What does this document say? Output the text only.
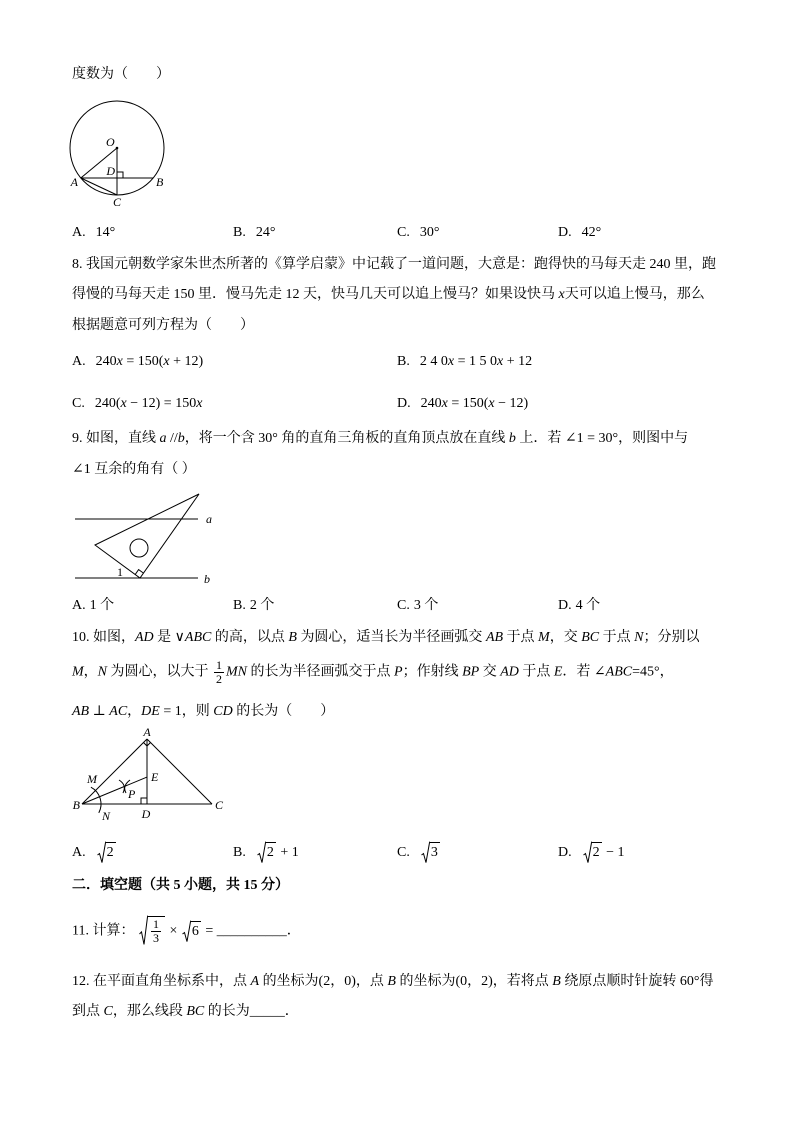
度数为（　　）
O
A	B
C
D
A. 14°	B. 24°	C. 30°	D. 42°
8. 我国元朝数学家朱世杰所著的《算学启蒙》中记载了一道问题，大意是：跑得快的马每天走 240 里，跑
得慢的马每天走 150 里．慢马先走 12 天，快马几天可以追上慢马？如果设快马 x天可以追上慢马，那么
根据题意可列方程为（　　）
A. 240x = 150(x + 12)	B. 2 4 0x = 1 5 0x + 12
C. 240(x − 12) = 150x	D. 240x = 150(x − 12)
9. 如图，直线 a //b，将一个含 30° 角的直角三角板的直角顶点放在直线 b 上．若 ∠1 = 30°，则图中与
∠1 互余的角有（ ）
a
b
1
A. 1 个	B. 2 个	C. 3 个	D. 4 个
10. 如图，AD 是 ∨ABC 的高，以点 B 为圆心，适当长为半径画弧交 AB 于点 M，交 BC 于点 N；分别以
M，N 为圆心，以大于 $\frac{1}{2}$ MN 的长为半径画弧交于点 P；作射线 BP 交 AD 于点 E．若 ∠ABC=45°，
AB ⊥ AC，DE = 1，则 CD 的长为（　　）
A
B	C
D
E
M
N
P
A. 2	B. 2 + 1	C. 3	D. 2 − 1
二．填空题（共 5 小题，共 15 分）
11. 计算： $\frac{1}{3}$ ×
6 = __________．
12. 在平面直角坐标系中，点 A 的坐标为(2，0)，点 B 的坐标为(0，2)，若将点 B 绕原点顺时针旋转 60°得
到点 C，那么线段 BC 的长为_____．
